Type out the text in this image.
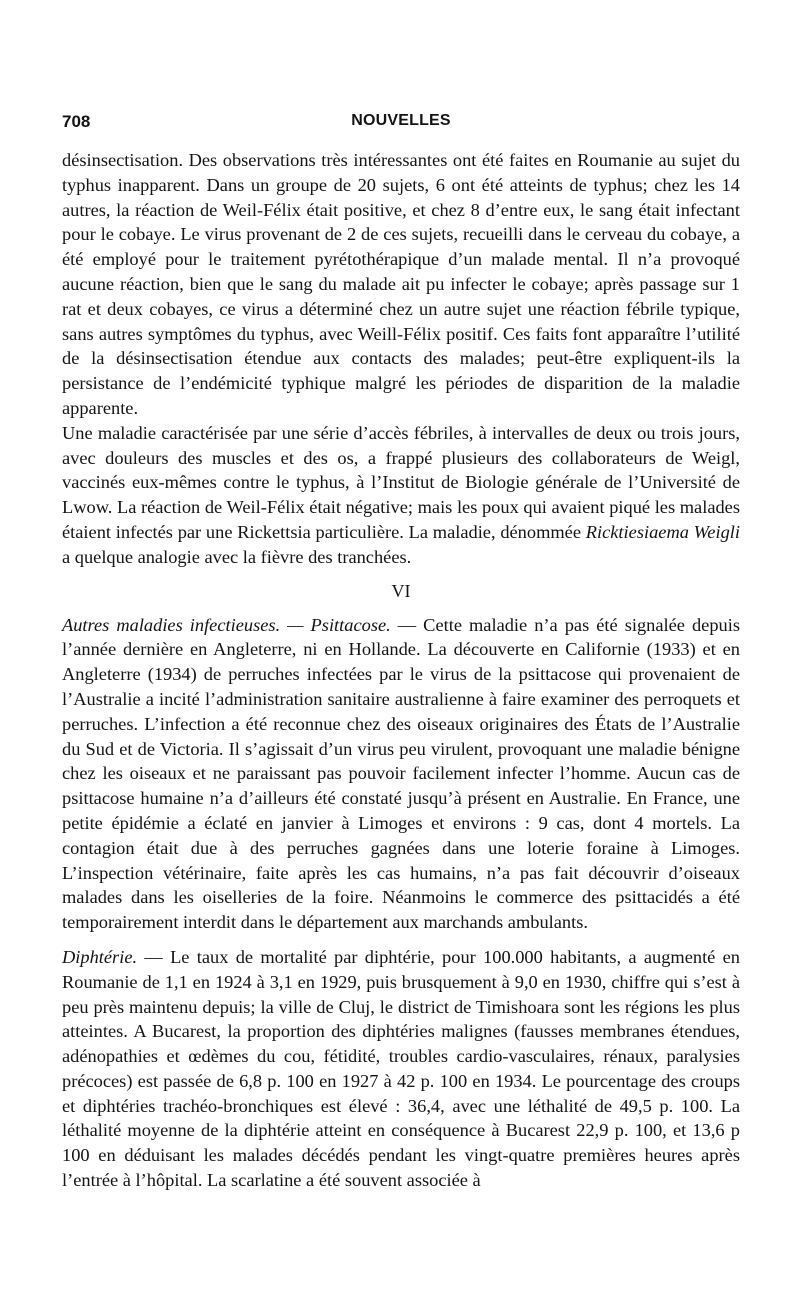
708	NOUVELLES

désinsectisation. Des observations très intéressantes ont été faites en Roumanie au sujet du typhus inapparent. Dans un groupe de 20 sujets, 6 ont été atteints de typhus; chez les 14 autres, la réaction de Weil-Félix était positive, et chez 8 d’entre eux, le sang était infectant pour le cobaye. Le virus provenant de 2 de ces sujets, recueilli dans le cerveau du cobaye, a été employé pour le traitement pyrétothérapique d’un malade mental. Il n’a provoqué aucune réaction, bien que le sang du malade ait pu infecter le cobaye; après passage sur 1 rat et deux cobayes, ce virus a déterminé chez un autre sujet une réaction fébrile typique, sans autres symptômes du typhus, avec Weill-Félix positif. Ces faits font apparaître l’utilité de la désinsectisation étendue aux contacts des malades; peut-être expliquent-ils la persistance de l’endémicité typhique malgré les périodes de disparition de la maladie apparente.

Une maladie caractérisée par une série d’accès fébriles, à intervalles de deux ou trois jours, avec douleurs des muscles et des os, a frappé plusieurs des collaborateurs de Weigl, vaccinés eux-mêmes contre le typhus, à l’Institut de Biologie générale de l’Université de Lwow. La réaction de Weil-Félix était négative; mais les poux qui avaient piqué les malades étaient infectés par une Rickettsia particulière. La maladie, dénommée Ricktiesiaema Weigli a quelque analogie avec la fièvre des tranchées.

VI

Autres maladies infectieuses. — Psittacose. — Cette maladie n’a pas été signalée depuis l’année dernière en Angleterre, ni en Hollande. La découverte en Californie (1933) et en Angleterre (1934) de perruches infectées par le virus de la psittacose qui provenaient de l’Australie a incité l’administration sanitaire australienne à faire examiner des perroquets et perruches. L’infection a été reconnue chez des oiseaux originaires des États de l’Australie du Sud et de Victoria. Il s’agissait d’un virus peu virulent, provoquant une maladie bénigne chez les oiseaux et ne paraissant pas pouvoir facilement infecter l’homme. Aucun cas de psittacose humaine n’a d’ailleurs été constaté jusqu’à présent en Australie. En France, une petite épidémie a éclaté en janvier à Limoges et environs : 9 cas, dont 4 mortels. La contagion était due à des perruches gagnées dans une loterie foraine à Limoges. L’inspection vétérinaire, faite après les cas humains, n’a pas fait découvrir d’oiseaux malades dans les oiselleries de la foire. Néanmoins le commerce des psittacidés a été temporairement interdit dans le département aux marchands ambulants.

Diphtérie. — Le taux de mortalité par diphtérie, pour 100.000 habitants, a augmenté en Roumanie de 1,1 en 1924 à 3,1 en 1929, puis brusquement à 9,0 en 1930, chiffre qui s’est à peu près maintenu depuis; la ville de Cluj, le district de Timishoara sont les régions les plus atteintes. A Bucarest, la proportion des diphtéries malignes (fausses membranes étendues, adénopathies et œdèmes du cou, fétidité, troubles cardio-vasculaires, rénaux, paralysies précoces) est passée de 6,8 p. 100 en 1927 à 42 p. 100 en 1934. Le pourcentage des croups et diphtéries trachéo-bronchiques est élevé : 36,4, avec une léthalité de 49,5 p. 100. La léthalité moyenne de la diphtérie atteint en conséquence à Bucarest 22,9 p. 100, et 13,6 p 100 en déduisant les malades décédés pendant les vingt-quatre premières heures après l’entrée à l’hôpital. La scarlatine a été souvent associée à
